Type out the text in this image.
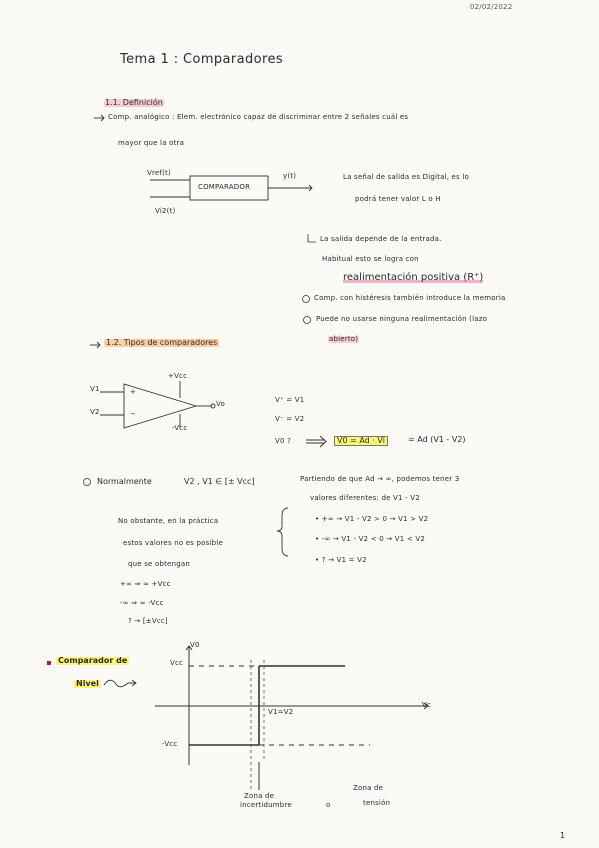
02/02/2022
Tema 1 : Comparadores
1.1. Definición
Comp. analógico : Elem. electrónico capaz de discriminar entre 2 señales cuál es
mayor que la otra
Vref(t)
Vi2(t)
COMPARADOR
y(t)	La señal de salida es Digital, es lo
podrá tener valor L o H
La salida depende de la entrada.
Habitual esto se logra con
realimentación positiva (R⁺)
Comp. con histéresis también introduce la memoria
Puede no usarse ninguna realimentación (lazo
abierto)
1.2. Tipos de comparadores
+Vcc
-Vcc
V1
V2
Vo
+
−
V⁺ = V1
V⁻ = V2
V0 ?	V0 = Ad · Vi	= Ad (V1 - V2)
Normalmente	V2 , V1 ∈ [± Vcc]	Partiendo de que Ad → ∞, podemos tener 3
valores diferentes: de V1 - V2
• +∞ → V1 - V2 > 0 → V1 > V2
• -∞ → V1 - V2 < 0 → V1 < V2
• ? → V1 = V2
No obstante, en la práctica
estos valores no es posible
que se obtengan
+∞ ⇒ ≈ +Vcc
-∞ ⇒ ≈ -Vcc
? → [±Vcc]
Comparador de
Nivel
V0
Vc
Vcc
-Vcc
V1=V2
Zona de
incertidumbre	o
Zona de
tensión
1
